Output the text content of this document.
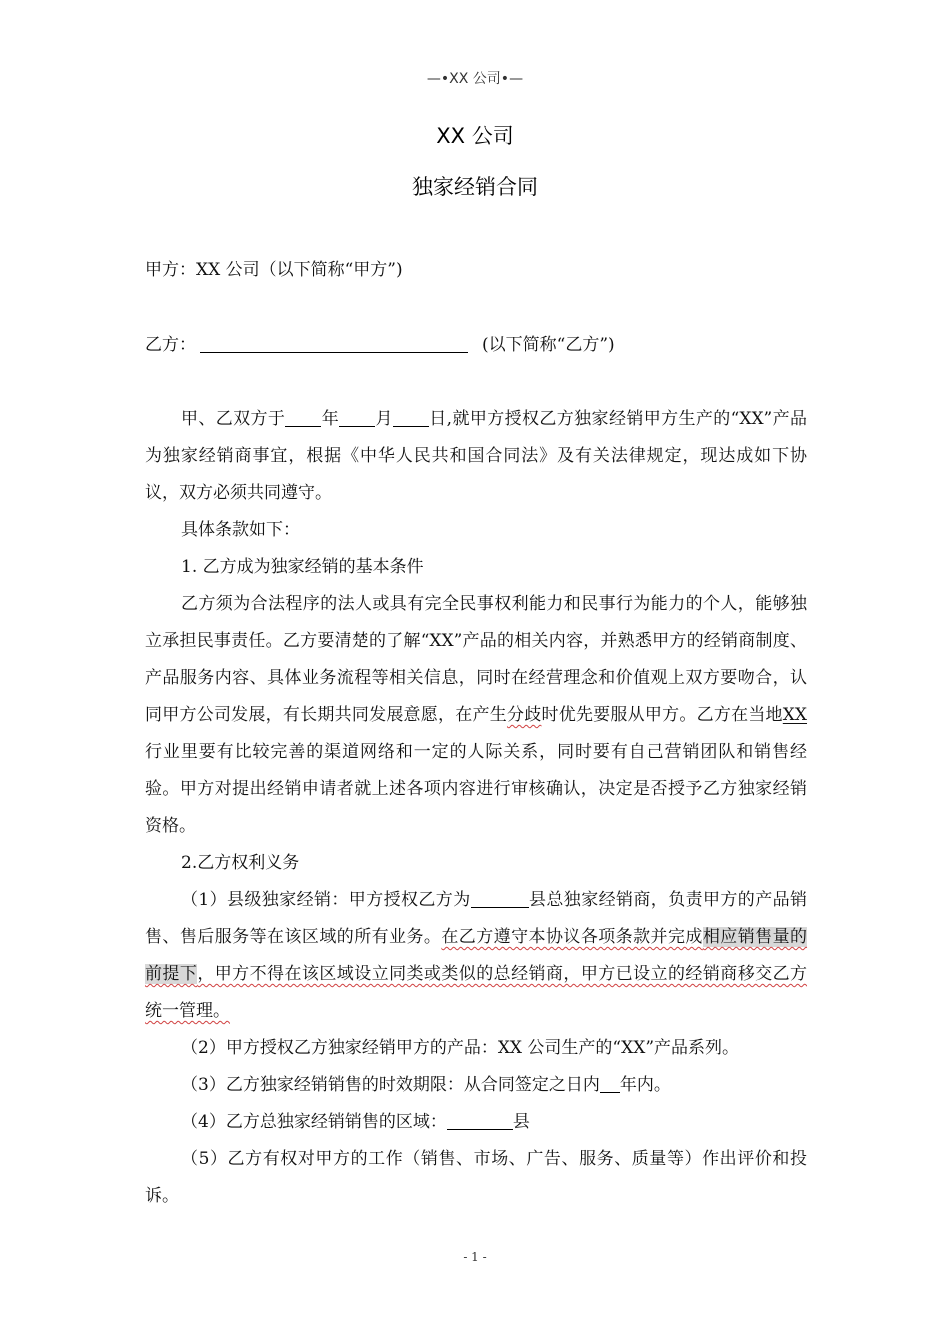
—•XX 公司•—
XX 公司
独家经销合同
甲方：XX 公司（以下简称“甲方”)
乙方：	(以下简称“乙方”)

甲、乙双方于 年 月 日,就甲方授权乙方独家经销甲方生产的“XX”产品为独家经销商事宜，根据《中华人民共和国合同法》及有关法律规定，现达成如下协议，双方必须共同遵守。

具体条款如下：

1. 乙方成为独家经销的基本条件

乙方须为合法程序的法人或具有完全民事权利能力和民事行为能力的个人，能够独立承担民事责任。乙方要清楚的了解“XX”产品的相关内容，并熟悉甲方的经销商制度、产品服务内容、具体业务流程等相关信息，同时在经营理念和价值观上双方要吻合，认同甲方公司发展，有长期共同发展意愿，在产生分歧时优先要服从甲方。乙方在当地XX行业里要有比较完善的渠道网络和一定的人际关系，同时要有自己营销团队和销售经验。甲方对提出经销申请者就上述各项内容进行审核确认，决定是否授予乙方独家经销资格。

2.乙方权利义务

（1）县级独家经销：甲方授权乙方为	县总独家经销商，负责甲方的产品销售、售后服务等在该区域的所有业务。在乙方遵守本协议各项条款并完成相应销售量的前提下，甲方不得在该区域设立同类或类似的总经销商，甲方已设立的经销商移交乙方统一管理。

（2）甲方授权乙方独家经销甲方的产品：XX 公司生产的“XX”产品系列。

（3）乙方独家经销销售的时效期限：从合同签定之日内 年内。

（4）乙方总独家经销销售的区域：	县

（5）乙方有权对甲方的工作（销售、市场、广告、服务、质量等）作出评价和投诉。

- 1 -
